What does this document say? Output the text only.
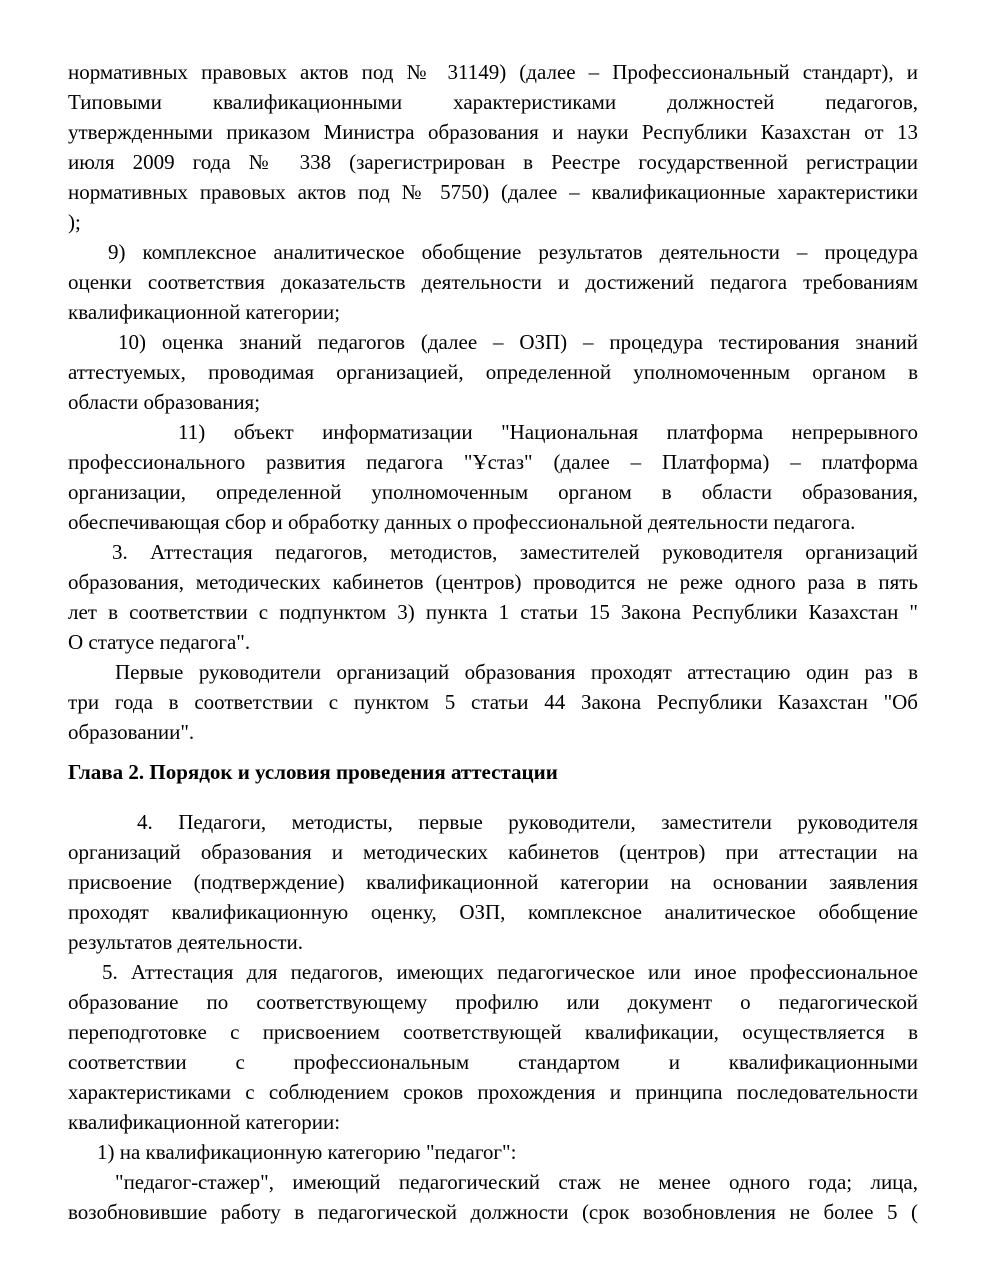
нормативных правовых актов под № 31149) (далее – Профессиональный стандарт), и
Типовыми квалификационными характеристиками должностей педагогов,
утвержденными приказом Министра образования и науки Республики Казахстан от 13
июля 2009 года № 338 (зарегистрирован в Реестре государственной регистрации
нормативных правовых актов под № 5750) (далее – квалификационные характеристики
);
9) комплексное аналитическое обобщение результатов деятельности – процедура
оценки соответствия доказательств деятельности и достижений педагога требованиям
квалификационной категории;
10) оценка знаний педагогов (далее – ОЗП) – процедура тестирования знаний
аттестуемых, проводимая организацией, определенной уполномоченным органом в
области образования;
11) объект информатизации "Национальная платформа непрерывного
профессионального развития педагога "Ұстаз" (далее – Платформа) – платформа
организации, определенной уполномоченным органом в области образования,
обеспечивающая сбор и обработку данных о профессиональной деятельности педагога.
3. Аттестация педагогов, методистов, заместителей руководителя организаций
образования, методических кабинетов (центров) проводится не реже одного раза в пять
лет в соответствии с подпунктом 3) пункта 1 статьи 15 Закона Республики Казахстан "
О статусе педагога".
Первые руководители организаций образования проходят аттестацию один раз в
три года в соответствии с пунктом 5 статьи 44 Закона Республики Казахстан "Об
образовании".
Глава 2. Порядок и условия проведения аттестации
4. Педагоги, методисты, первые руководители, заместители руководителя
организаций образования и методических кабинетов (центров) при аттестации на
присвоение (подтверждение) квалификационной категории на основании заявления
проходят квалификационную оценку, ОЗП, комплексное аналитическое обобщение
результатов деятельности.
5. Аттестация для педагогов, имеющих педагогическое или иное профессиональное
образование по соответствующему профилю или документ о педагогической
переподготовке с присвоением соответствующей квалификации, осуществляется в
соответствии с профессиональным стандартом и квалификационными
характеристиками с соблюдением сроков прохождения и принципа последовательности
квалификационной категории:
1) на квалификационную категорию "педагог":
"педагог-стажер", имеющий педагогический стаж не менее одного года; лица,
возобновившие работу в педагогической должности (срок возобновления не более 5 (
